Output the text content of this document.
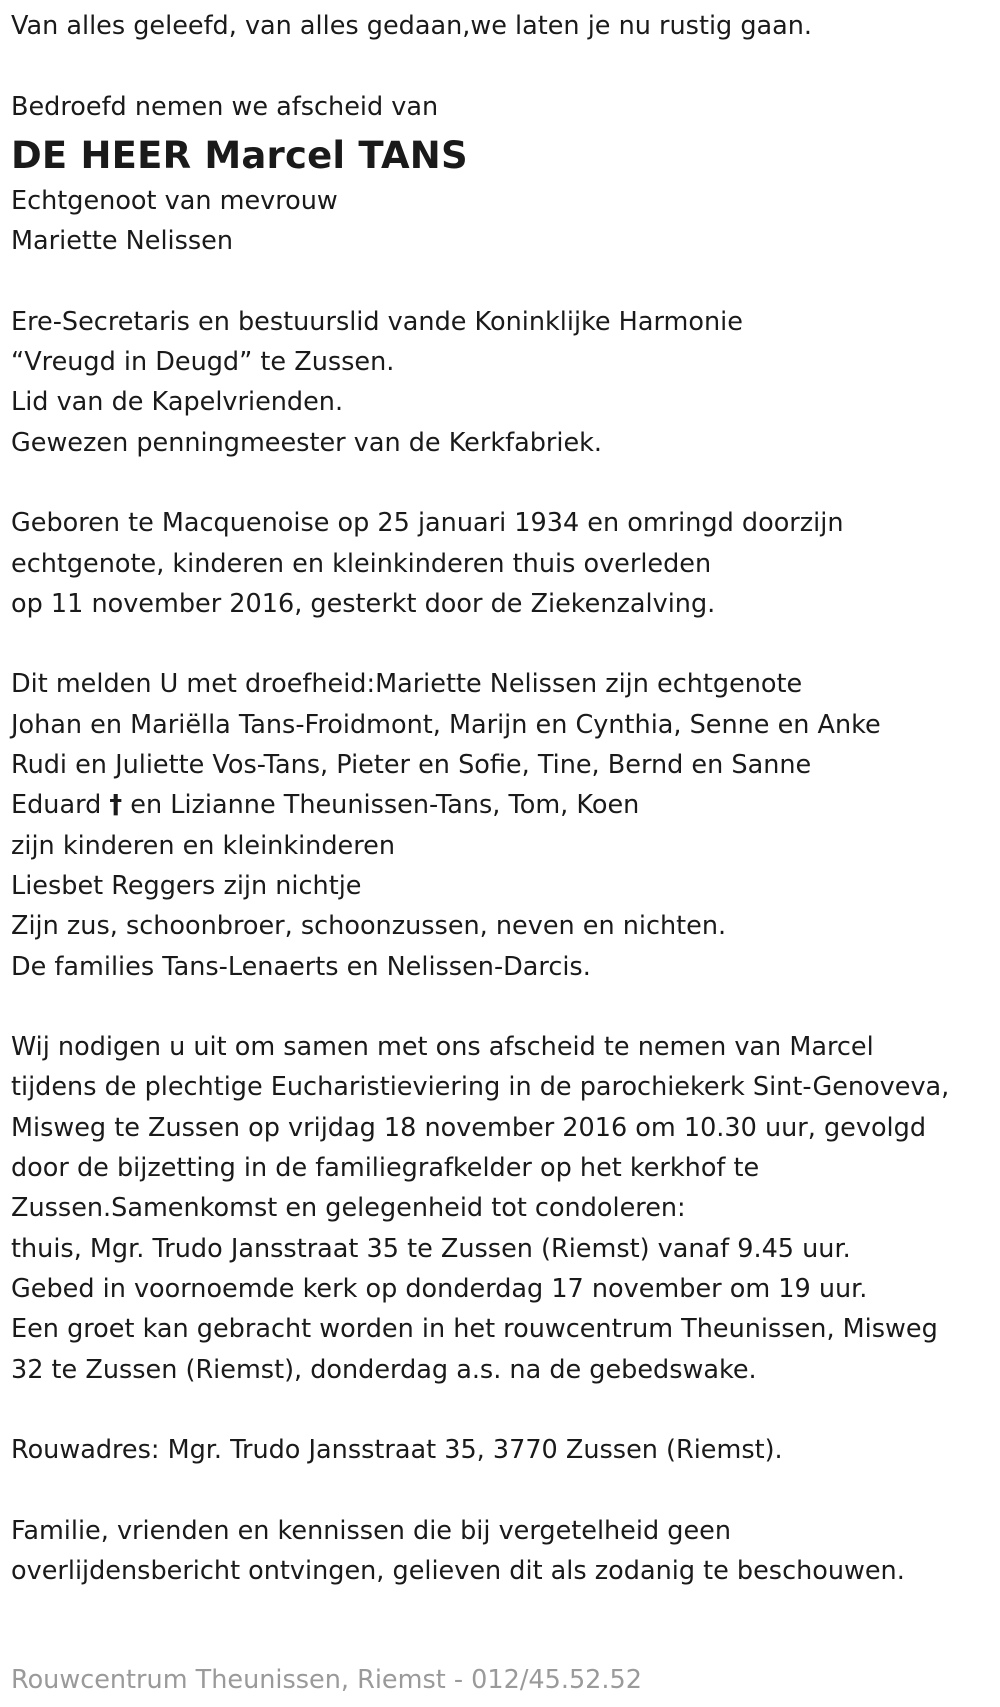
Van alles geleefd, van alles gedaan,we laten je nu rustig gaan.
Bedroefd nemen we afscheid van
DE HEER Marcel TANS
Echtgenoot van mevrouw
Mariette Nelissen
Ere-Secretaris en bestuurslid vande Koninklijke Harmonie
“Vreugd in Deugd” te Zussen.
Lid van de Kapelvrienden.
Gewezen penningmeester van de Kerkfabriek.
Geboren te Macquenoise op 25 januari 1934 en omringd doorzijn
echtgenote, kinderen en kleinkinderen thuis overleden
op 11 november 2016, gesterkt door de Ziekenzalving.
Dit melden U met droefheid:Mariette Nelissen zijn echtgenote
Johan en Mariëlla Tans-Froidmont, Marijn en Cynthia, Senne en Anke
Rudi en Juliette Vos-Tans, Pieter en Sofie, Tine, Bernd en Sanne
Eduard † en Lizianne Theunissen-Tans, Tom, Koen
zijn kinderen en kleinkinderen
Liesbet Reggers zijn nichtje
Zijn zus, schoonbroer, schoonzussen, neven en nichten.
De families Tans-Lenaerts en Nelissen-Darcis.
Wij nodigen u uit om samen met ons afscheid te nemen van Marcel
tijdens de plechtige Eucharistieviering in de parochiekerk Sint-Genoveva,
Misweg te Zussen op vrijdag 18 november 2016 om 10.30 uur, gevolgd
door de bijzetting in de familiegrafkelder op het kerkhof te
Zussen.Samenkomst en gelegenheid tot condoleren:
thuis, Mgr. Trudo Jansstraat 35 te Zussen (Riemst) vanaf 9.45 uur.
Gebed in voornoemde kerk op donderdag 17 november om 19 uur.
Een groet kan gebracht worden in het rouwcentrum Theunissen, Misweg
32 te Zussen (Riemst), donderdag a.s. na de gebedswake.
Rouwadres: Mgr. Trudo Jansstraat 35, 3770 Zussen (Riemst).
Familie, vrienden en kennissen die bij vergetelheid geen
overlijdensbericht ontvingen, gelieven dit als zodanig te beschouwen.
Rouwcentrum Theunissen, Riemst - 012/45.52.52
